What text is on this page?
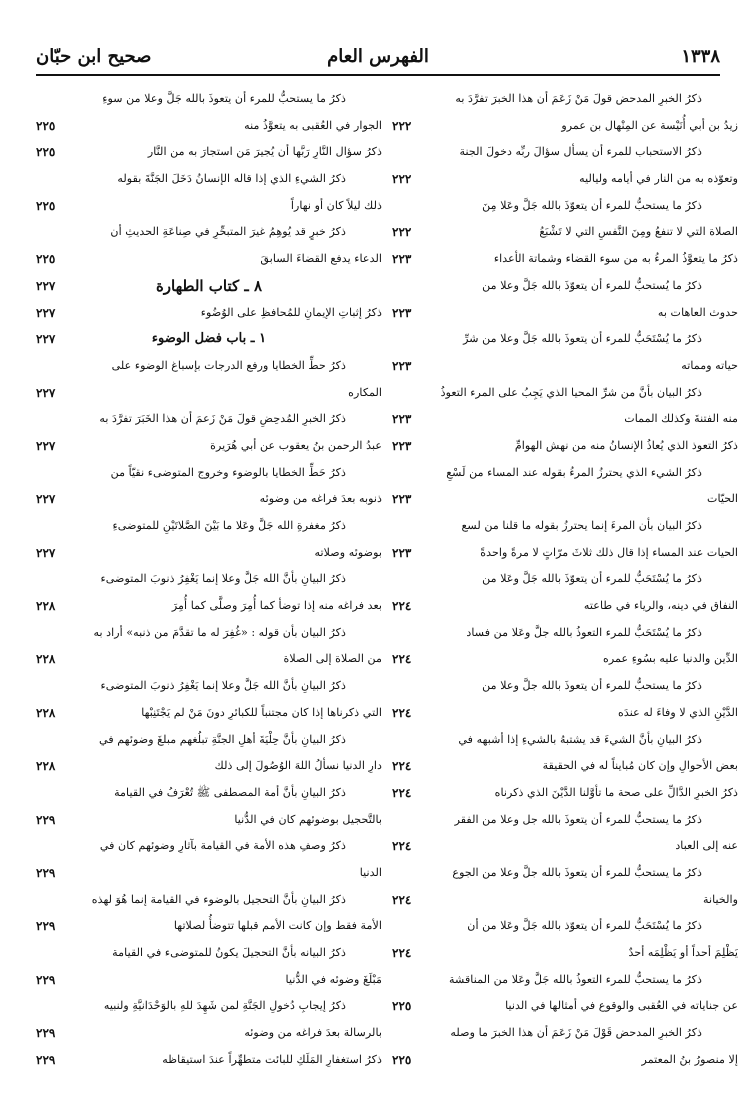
صحيح ابن حبّان	الفهرس العام	١٣٣٨
ذكرُ الخبرِ المدحض قولَ مَنْ زَعَمَ أن هذا الخبرَ تفرَّدَ به
زيدُ بن أبي أُنَيْسة عن المِنْهال بن عمرو
٢٢٢
ذكرُ الاستحباب للمرء أن يسأل سؤالَ ربِّه دخولَ الجنة
وتعوّذه به من النار في أيامه ولياليه
٢٢٢
ذكرُ ما يستحبُّ للمرء أن يتعوّذَ بالله جَلَّ وعَلا مِنَ
الصلاة التي لا تنفعُ ومِنَ النَّفسِ التي لا تَشْبَعُ
٢٢٢
ذكرُ ما يتعوَّذُ المرءُ به من سوء القضاء وشماتة الأعداء
٢٢٣
ذكرُ ما يُستحبُّ للمرء أن يتعوّذَ بالله جَلَّ وعلا من
حدوث العاهات به
٢٢٣
ذكرُ ما يُسْتَحَبُّ للمرء أن يتعوذَ بالله جَلَّ وعلا من شرِّ
حياته ومماته
٢٢٣
ذكرُ البيان بأنَّ من شرِّ المحيا الذي يَجِبُ على المرء التعوذُ
منه الفتنةَ وكذلك الممات
٢٢٣
ذكرُ التعوذ الذي يُعاذُ الإنسانُ منه من نهش الهوامِّ
٢٢٣
ذكرُ الشيء الذي يحترزُ المرءُ بقوله عند المساء من لَسْعِ
الحيّات
٢٢٣
ذكرُ البيان بأن المرءَ إنما يحترزُ بقوله ما قلنا من لسع
الحيات عند المساء إذا قال ذلك ثلاثَ مرّاتٍ لا مرةً واحدةً
٢٢٣
ذكرُ ما يُسْتَحَبُّ للمرء أن يتعوّذَ بالله جَلَّ وعَلا من
النفاق في دينه، والرياء في طاعته
٢٢٤
ذكرُ ما يُسْتَحَبُّ للمرء التعوذُ بالله جلَّ وعَلا من فساد
الدِّين والدنيا عليه بسُوءِ عمره
٢٢٤
ذكرُ ما يستحبُّ للمرء أن يتعوذَ بالله جلَّ وعلا من
الدَّيْنِ الذي لا وفاءَ له عندَه
٢٢٤
ذكرُ البيانِ بأنَّ الشيءَ قد يشتبهُ بالشيءِ إذا أشبهه في
بعض الأحوالِ وإن كان مُبايناً له في الحقيقة
٢٢٤
ذكرُ الخبرِ الدَّالِّ على صحة ما تأوَّلنا الدَّيْنَ الذي ذكرناه
٢٢٤
ذكرُ ما يستحبُّ للمرء أن يتعوذَ بالله جل وعلا من الفقر
عنه إلى العباد
٢٢٤
ذكرُ ما يستحبُّ للمرء أن يتعوذَ بالله جلَّ وعلا من الجوع
والخيانة
٢٢٤
ذكرُ ما يُسْتَحَبُّ للمرء أن يتعوّذ بالله جَلَّ وعَلا من أن
يَظْلِمَ أحداً أو يَظْلِمَه أحدٌ
٢٢٤
ذكرُ ما يستحبُّ للمرء التعوذُ بالله جَلَّ وعَلا من المناقشة
عن جناياته في العُقبى والوقوع في أمثالها في الدنيا
٢٢٥
ذكرُ الخبرِ المدحض قَوْلَ مَنْ زَعَمَ أن هذا الخبرَ ما وصله
إلا منصورُ بنُ المعتمر
٢٢٥
ذكرُ ما يستحبُّ للمرء أن يتعوذَ بالله جَلَّ وعلا من سوءِ
الجوار في العُقبى به يتعوَّذُ منه
٢٢٥
ذكرُ سؤال النَّارِ رَبَّها أن يُجيرَ مَن استجارَ به من النَّار
٢٢٥
ذكرُ الشيءِ الذي إذا قاله الإنسانُ دَخَلَ الجَنَّةَ بقوله
ذلك ليلاً كان أو نهاراً
٢٢٥
ذكرُ خبرٍ قد يُوهِمُ غيرَ المتبحِّرِ في صِناعَةِ الحديثِ أن
الدعاء يدفع القضاءَ السابقَ
٢٢٥
٨ ـ كتاب الطهارة
٢٢٧
ذكرُ إثباتِ الإيمانِ للمُحافظِ على الوُضُوء
٢٢٧
١ ـ باب فضل الوضوء
٢٢٧
ذكرُ حطِّ الخطايا ورفع الدرجات بإسباغ الوضوء على
المكاره
٢٢٧
ذكرُ الخبرِ المُدحِضِ قولَ مَنْ زَعمَ أن هذا الخَبَرَ تفرَّدَ به
عبدُ الرحمن بنُ يعقوب عن أبي هُرَيرة
٢٢٧
ذكرُ حَطِّ الخطايا بالوضوء وخروج المتوضىء نقيّاً من
ذنوبه بعدَ فراغه من وضوئه
٢٢٧
ذكرُ مغفرةِ الله جَلَّ وعَلا ما بَيْنَ الصَّلاتَيْنِ للمتوضىءِ
بوضوئه وصلاته
٢٢٧
ذكرُ البيانِ بأنَّ الله جَلَّ وعلا إنما يَغْفِرُ ذنوبَ المتوضىء
بعد فراغه منه إذا توضأ كما أُمِرَ وصلَّى كما أُمِرَ
٢٢٨
ذكرُ البيان بأن قوله : «غُفِرَ له ما تقدَّمَ من ذنبه» أراد به
من الصلاة إلى الصلاة
٢٢٨
ذكرُ البيانِ بأنَّ الله جَلَّ وعلا إنما يَغْفِرُ ذنوبَ المتوضىء
التي ذكرناها إذا كان مجتنباً للكبائرِ دونَ مَنْ لم يَجْتَنِبْها
٢٢٨
ذكرُ البيانِ بأنَّ حِلْيَةَ أهلِ الجنَّةِ تبلُغهم مبلغَ وضوئهم في
دارِ الدنيا نسألُ اللهَ الوُصُولَ إلى ذلك
٢٢٨
ذكرُ البيانِ بأنَّ أمة المصطفى ﷺ تُعْرَفُ في القيامة
بالتَّحجيل بوضوئهم كان في الدُّنيا
٢٢٩
ذكرُ وصفِ هذه الأمة في القيامة بآثارِ وضوئهم كان في
الدنيا
٢٢٩
ذكرُ البيانِ بأنَّ التحجيل بالوضوء في القيامة إنما هُوَ لهذه
الأمة فقط وإن كانت الأمم قبلها تتوضأُ لصلاتها
٢٢٩
ذكرُ البيانه بأنَّ التحجيلَ يكونُ للمتوضىء في القيامة
مَبْلَغَ وضوئه في الدُّنيا
٢٢٩
ذكرُ إيجابِ دُخولِ الجَنَّةِ لمن شَهِدَ للهِ بالوَحْدَانيَّةِ ولنبيه
بالرسالة بعدَ فراغه من وضوئه
٢٢٩
ذكرُ استغفارِ المَلَكِ للبائت متطهِّراً عندَ استيقاظه
٢٢٩
